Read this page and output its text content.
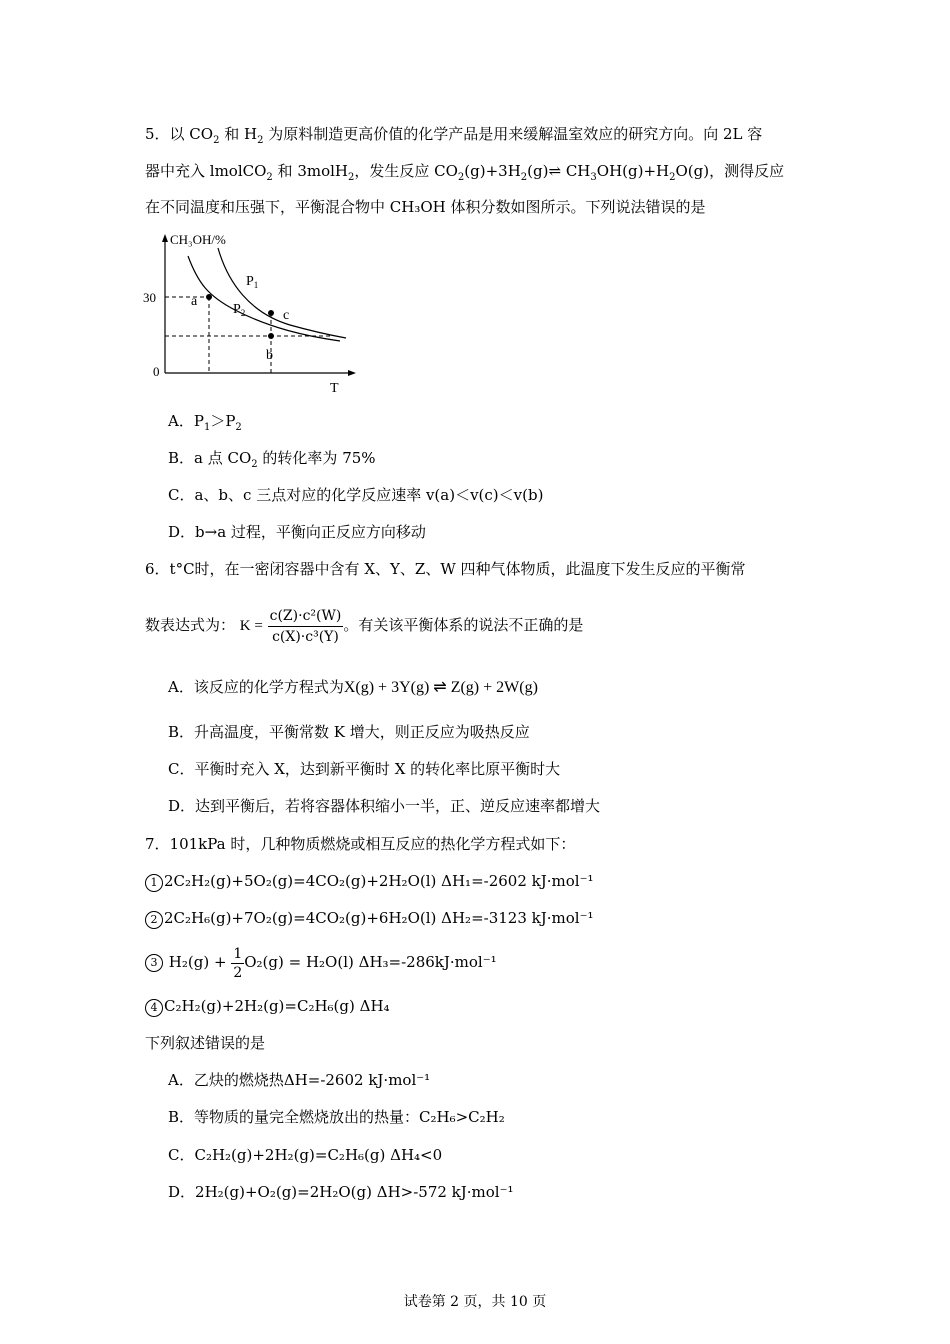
5．以 $CO_2$ 和 $H_2$ 为原料制造更高价值的化学产品是用来缓解温室效应的研究方向。向 2L 容
器中充入 lmolCO$_2$ 和 3molH$_2$，发生反应 $CO_2(g)+3H_2(g)\rightleftharpoons$ $CH_3OH(g)+H_2O(g)$，测得反应
在不同温度和压强下，平衡混合物中 CH₃OH 体积分数如图所示。下列说法错误的是
CH₃OH/%
T
30
0
$P_1$
$P_2$
a
c
b
A．$P_1>P_2$
B．a 点 $CO_2$ 的转化率为 75%
C．a、b、c 三点对应的化学反应速率 v(a)＜v(c)＜v(b)
D．b→a 过程，平衡向正反应方向移动
6．t°C时，在一密闭容器中含有 X、Y、Z、W 四种气体物质，此温度下发生反应的平衡常
数表达式为： $K = \frac{\text{c(Z)·c²(W)}}{\text{c(X)·c³(Y)}}$ 。有关该平衡体系的说法不正确的是
A．该反应的化学方程式为X(g) + 3Y(g) ⇌ Z(g) + 2W(g)
B．升高温度，平衡常数 K 增大，则正反应为吸热反应
C．平衡时充入 X，达到新平衡时 X 的转化率比原平衡时大
D．达到平衡后，若将容器体积缩小一半，正、逆反应速率都增大
7．101kPa 时，几种物质燃烧或相互反应的热化学方程式如下：
1 2C₂H₂(g)+5O₂(g)=4CO₂(g)+2H₂O(l) ΔH₁=-2602 kJ·mol⁻¹
2 2C₂H₆(g)+7O₂(g)=4CO₂(g)+6H₂O(l) ΔH₂=-3123 kJ·mol⁻¹
3 $H_2(g) + \frac{1}{2} O_2(g) = H_2O(l)$ ΔH₃=-286kJ·mol⁻¹
4 C₂H₂(g)+2H₂(g)=C₂H₆(g) ΔH₄
下列叙述错误的是
A．乙炔的燃烧热ΔH=-2602 kJ·mol⁻¹
B．等物质的量完全燃烧放出的热量：C₂H₆>C₂H₂
C．C₂H₂(g)+2H₂(g)=C₂H₆(g) ΔH₄<0
D．2H₂(g)+O₂(g)=2H₂O(g) ΔH>-572 kJ·mol⁻¹
试卷第 2 页，共 10 页
